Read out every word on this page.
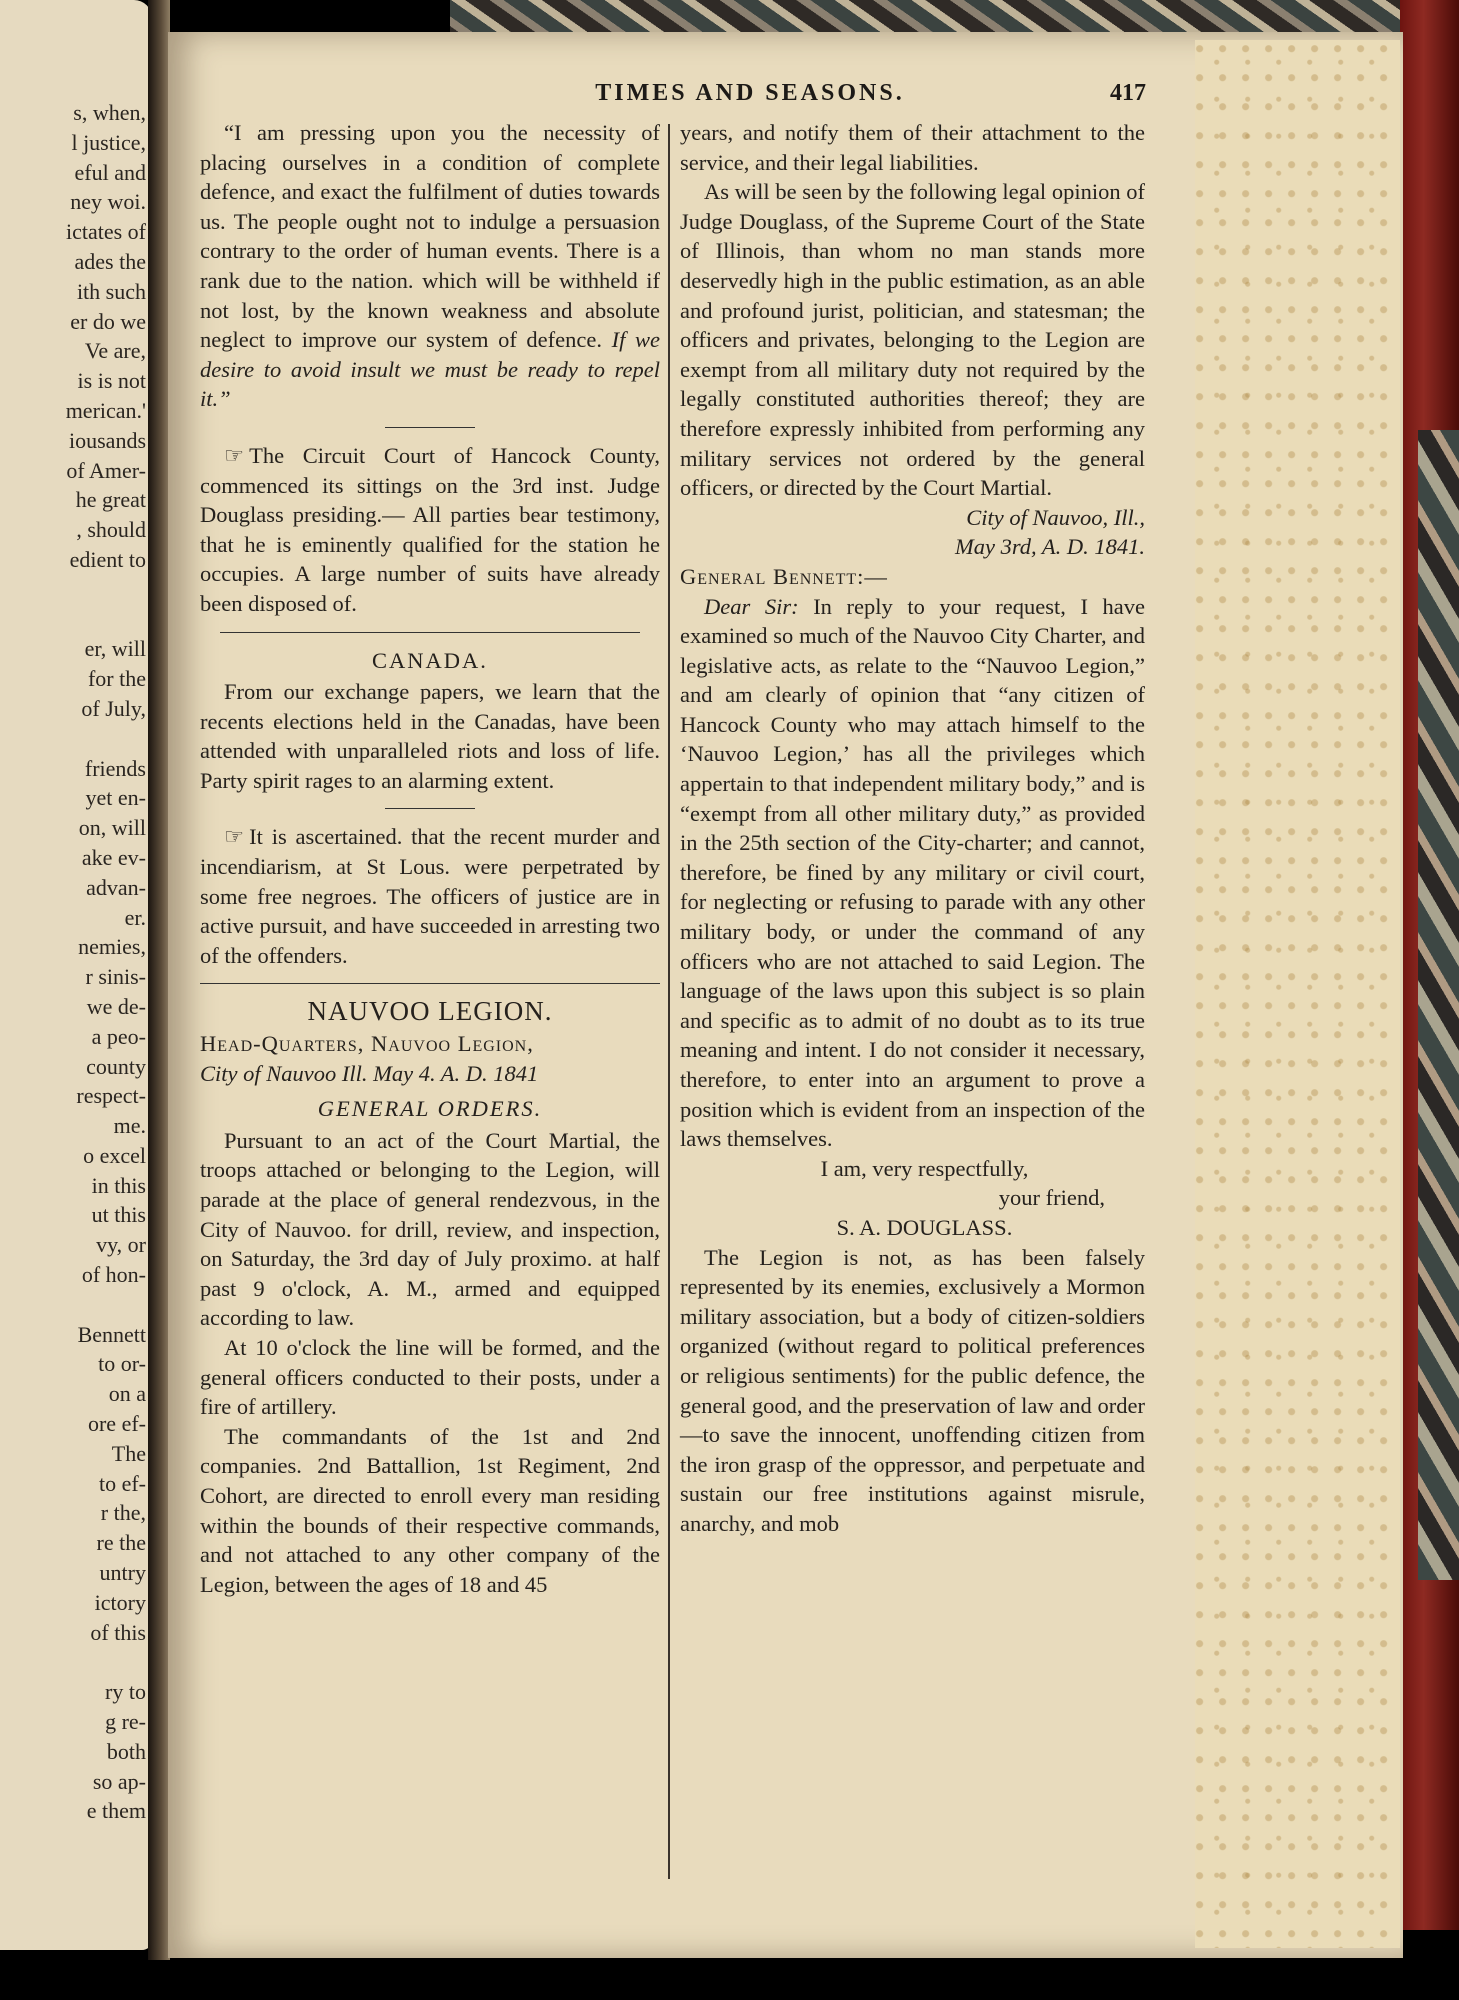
s, when,
l justice,
eful and
ney woi.
ictates of
ades the
ith such
er do we
Ve are,
is is not
merican.'
iousands
of Amer-
he great
, should
edient to

er, will
for the
of July,

friends
yet en-
on, will
ake ev-
advan-
er.
nemies,
r sinis-
we de-
a peo-
county
respect-
me.
o excel
in this
ut this
vy, or
of hon-

Bennett
to or-
on a
ore ef-
The
to ef-
r the,
re the
untry
ictory
of this

ry to
g re-
both
so ap-
e them
TIMES AND SEASONS.	417

“I am pressing upon you the necessity of placing ourselves in a condition of complete defence, and exact the fulfilment of duties towards us. The people ought not to indulge a persuasion contrary to the order of human events. There is a rank due to the nation. which will be withheld if not lost, by the known weakness and absolute neglect to improve our system of defence. If we desire to avoid insult we must be ready to repel it.”

☞ The Circuit Court of Hancock County, commenced its sittings on the 3rd inst. Judge Douglass presiding.— All parties bear testimony, that he is eminently qualified for the station he occupies. A large number of suits have already been disposed of.

CANADA.

From our exchange papers, we learn that the recents elections held in the Canadas, have been attended with unparalleled riots and loss of life. Party spirit rages to an alarming extent.

☞ It is ascertained. that the recent murder and incendiarism, at St Lous. were perpetrated by some free negroes. The officers of justice are in active pursuit, and have succeeded in arresting two of the offenders.

NAUVOO LEGION.

Head-Quarters, Nauvoo Legion,

City of Nauvoo Ill. May 4. A. D. 1841

GENERAL ORDERS.

Pursuant to an act of the Court Martial, the troops attached or belonging to the Legion, will parade at the place of general rendezvous, in the City of Nauvoo. for drill, review, and inspection, on Saturday, the 3rd day of July proximo. at half past 9 o'clock, A. M., armed and equipped according to law.

At 10 o'clock the line will be formed, and the general officers conducted to their posts, under a fire of artillery.

The commandants of the 1st and 2nd companies. 2nd Battallion, 1st Regiment, 2nd Cohort, are directed to enroll every man residing within the bounds of their respective commands, and not attached to any other company of the Legion, between the ages of 18 and 45

years, and notify them of their attachment to the service, and their legal liabilities.

As will be seen by the following legal opinion of Judge Douglass, of the Supreme Court of the State of Illinois, than whom no man stands more deservedly high in the public estimation, as an able and profound jurist, politician, and statesman; the officers and privates, belonging to the Legion are exempt from all military duty not required by the legally constituted authorities thereof; they are therefore expressly inhibited from performing any military services not ordered by the general officers, or directed by the Court Martial.

City of Nauvoo, Ill.,

May 3rd, A. D. 1841.

General Bennett:—

Dear Sir: In reply to your request, I have examined so much of the Nauvoo City Charter, and legislative acts, as relate to the “Nauvoo Legion,” and am clearly of opinion that “any citizen of Hancock County who may attach himself to the ‘Nauvoo Legion,’ has all the privileges which appertain to that independent military body,” and is “exempt from all other military duty,” as provided in the 25th section of the City-charter; and cannot, therefore, be fined by any military or civil court, for neglecting or refusing to parade with any other military body, or under the command of any officers who are not attached to said Legion. The language of the laws upon this subject is so plain and specific as to admit of no doubt as to its true meaning and intent. I do not consider it necessary, therefore, to enter into an argument to prove a position which is evident from an inspection of the laws themselves.

I am, very respectfully,

your friend,

S. A. DOUGLASS.

The Legion is not, as has been falsely represented by its enemies, exclusively a Mormon military association, but a body of citizen-soldiers organized (without regard to political preferences or religious sentiments) for the public defence, the general good, and the preservation of law and order—to save the innocent, unoffending citizen from the iron grasp of the oppressor, and perpetuate and sustain our free institutions against misrule, anarchy, and mob
